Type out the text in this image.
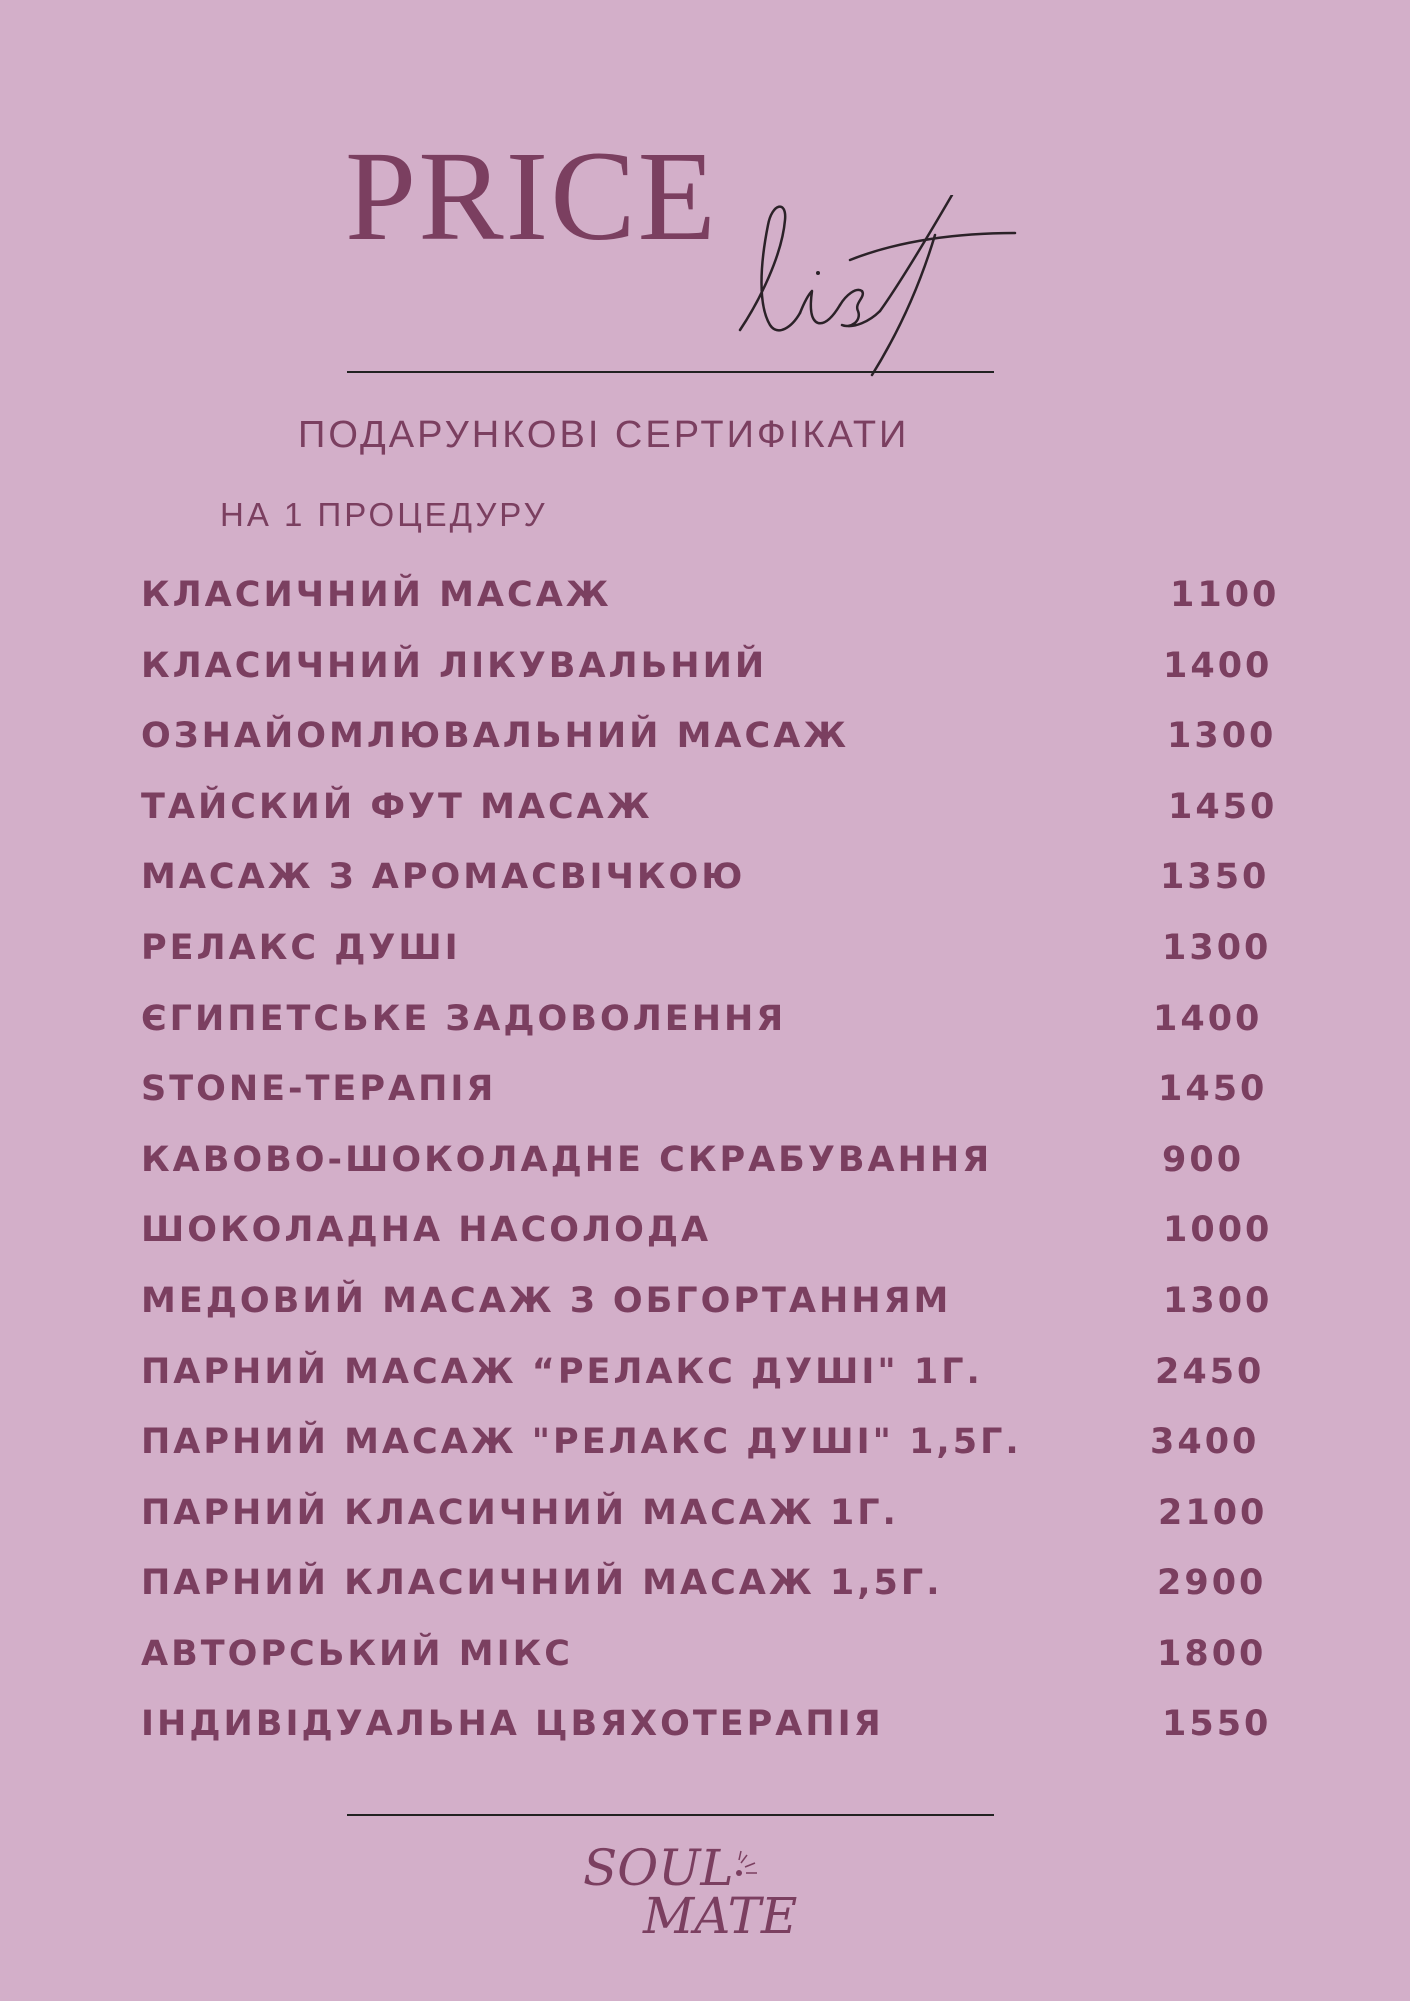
PRICE
ПОДАРУНКОВІ СЕРТИФІКАТИ
НА 1 ПРОЦЕДУРУ
КЛАСИЧНИЙ МАСАЖ	1100
КЛАСИЧНИЙ ЛІКУВАЛЬНИЙ	1400
ОЗНАЙОМЛЮВАЛЬНИЙ МАСАЖ	1300
ТАЙСКИЙ ФУТ МАСАЖ	1450
МАСАЖ З АРОМАСВІЧКОЮ	1350
РЕЛАКС ДУШІ	1300
ЄГИПЕТСЬКЕ ЗАДОВОЛЕННЯ	1400
STONE-ТЕРАПІЯ	1450
КАВОВО-ШОКОЛАДНЕ СКРАБУВАННЯ	900
ШОКОЛАДНА НАСОЛОДА	1000
МЕДОВИЙ МАСАЖ З ОБГОРТАННЯМ	1300
ПАРНИЙ МАСАЖ “РЕЛАКС ДУШІ" 1Г.	2450
ПАРНИЙ МАСАЖ "РЕЛАКС ДУШІ" 1,5Г.	3400
ПАРНИЙ КЛАСИЧНИЙ МАСАЖ 1Г.	2100
ПАРНИЙ КЛАСИЧНИЙ МАСАЖ 1,5Г.	2900
АВТОРСЬКИЙ МІКС	1800
ІНДИВІДУАЛЬНА ЦВЯХОТЕРАПІЯ	1550
SOUL
MATE
